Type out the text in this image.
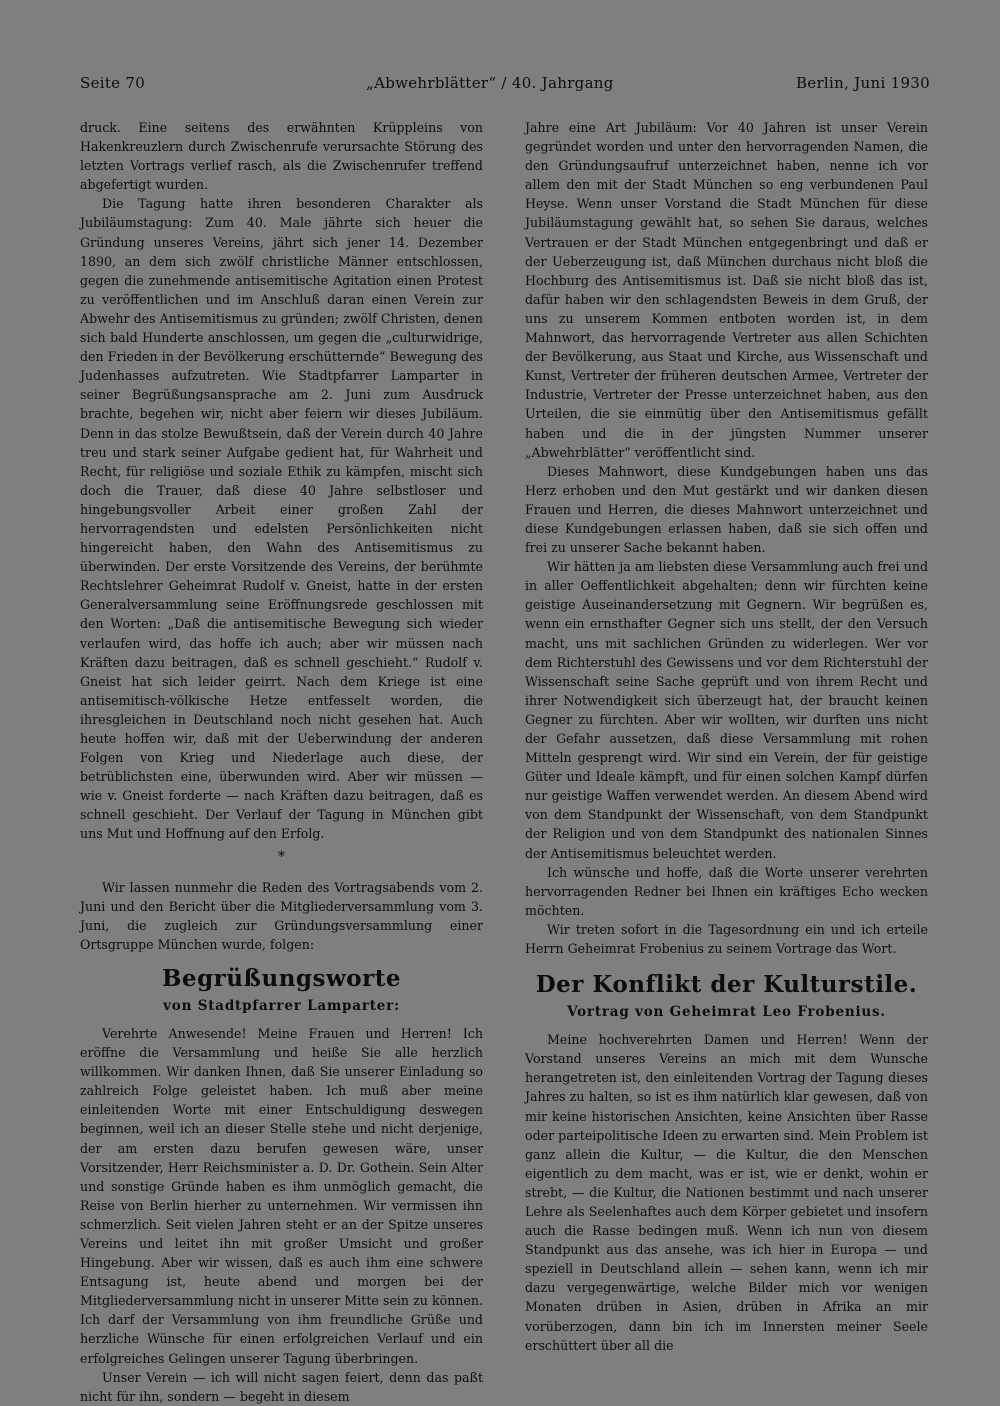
Seite 70	„Abwehrblätter“ / 40. Jahrgang	Berlin, Juni 1930

druck. Eine seitens des erwähnten Krüppleins von Hakenkreuzlern durch Zwischenrufe verursachte Störung des letzten Vortrags verlief rasch, als die Zwischenrufer treffend abgefertigt wurden.

Die Tagung hatte ihren besonderen Charakter als Jubiläumstagung: Zum 40. Male jährte sich heuer die Gründung unseres Vereins, jährt sich jener 14. Dezember 1890, an dem sich zwölf christliche Männer entschlossen, gegen die zunehmende antisemitische Agitation einen Protest zu veröffentlichen und im Anschluß daran einen Verein zur Abwehr des Antisemitismus zu gründen; zwölf Christen, denen sich bald Hunderte anschlossen, um gegen die „culturwidrige, den Frieden in der Bevölkerung erschütternde“ Bewegung des Judenhasses aufzutreten. Wie Stadtpfarrer Lamparter in seiner Begrüßungsansprache am 2. Juni zum Ausdruck brachte, begehen wir, nicht aber feiern wir dieses Jubiläum. Denn in das stolze Bewußtsein, daß der Verein durch 40 Jahre treu und stark seiner Aufgabe gedient hat, für Wahrheit und Recht, für religiöse und soziale Ethik zu kämpfen, mischt sich doch die Trauer, daß diese 40 Jahre selbstloser und hingebungsvoller Arbeit einer großen Zahl der hervorragendsten und edelsten Persönlichkeiten nicht hingereicht haben, den Wahn des Antisemitismus zu überwinden. Der erste Vorsitzende des Vereins, der berühmte Rechtslehrer Geheimrat Rudolf v. Gneist, hatte in der ersten Generalversammlung seine Eröffnungsrede geschlossen mit den Worten: „Daß die antisemitische Bewegung sich wieder verlaufen wird, das hoffe ich auch; aber wir müssen nach Kräften dazu beitragen, daß es schnell geschieht.“ Rudolf v. Gneist hat sich leider geirrt. Nach dem Kriege ist eine antisemitisch-völkische Hetze entfesselt worden, die ihresgleichen in Deutschland noch nicht gesehen hat. Auch heute hoffen wir, daß mit der Ueberwindung der anderen Folgen von Krieg und Niederlage auch diese, der betrüblichsten eine, überwunden wird. Aber wir müssen — wie v. Gneist forderte — nach Kräften dazu beitragen, daß es schnell geschieht. Der Verlauf der Tagung in München gibt uns Mut und Hoffnung auf den Erfolg.

*

Wir lassen nunmehr die Reden des Vortragsabends vom 2. Juni und den Bericht über die Mitgliederversammlung vom 3. Juni, die zugleich zur Gründungsversammlung einer Ortsgruppe München wurde, folgen:

Begrüßungsworte
von Stadtpfarrer Lamparter:

Verehrte Anwesende! Meine Frauen und Herren! Ich eröffne die Versammlung und heiße Sie alle herzlich willkommen. Wir danken Ihnen, daß Sie unserer Einladung so zahlreich Folge geleistet haben. Ich muß aber meine einleitenden Worte mit einer Entschuldigung deswegen beginnen, weil ich an dieser Stelle stehe und nicht derjenige, der am ersten dazu berufen gewesen wäre, unser Vorsitzender, Herr Reichsminister a. D. Dr. Gothein. Sein Alter und sonstige Gründe haben es ihm unmöglich gemacht, die Reise von Berlin hierher zu unternehmen. Wir vermissen ihn schmerzlich. Seit vielen Jahren steht er an der Spitze unseres Vereins und leitet ihn mit großer Umsicht und großer Hingebung. Aber wir wissen, daß es auch ihm eine schwere Entsagung ist, heute abend und morgen bei der Mitgliederversammlung nicht in unserer Mitte sein zu können. Ich darf der Versammlung von ihm freundliche Grüße und herzliche Wünsche für einen erfolgreichen Verlauf und ein erfolgreiches Gelingen unserer Tagung überbringen.

Unser Verein — ich will nicht sagen feiert, denn das paßt nicht für ihn, sondern — begeht in diesem

Jahre eine Art Jubiläum: Vor 40 Jahren ist unser Verein gegründet worden und unter den hervorragenden Namen, die den Gründungsaufruf unterzeichnet haben, nenne ich vor allem den mit der Stadt München so eng verbundenen Paul Heyse. Wenn unser Vorstand die Stadt München für diese Jubiläumstagung gewählt hat, so sehen Sie daraus, welches Vertrauen er der Stadt München entgegenbringt und daß er der Ueberzeugung ist, daß München durchaus nicht bloß die Hochburg des Antisemitismus ist. Daß sie nicht bloß das ist, dafür haben wir den schlagendsten Beweis in dem Gruß, der uns zu unserem Kommen entboten worden ist, in dem Mahnwort, das hervorragende Vertreter aus allen Schichten der Bevölkerung, aus Staat und Kirche, aus Wissenschaft und Kunst, Vertreter der früheren deutschen Armee, Vertreter der Industrie, Vertreter der Presse unterzeichnet haben, aus den Urteilen, die sie einmütig über den Antisemitismus gefällt haben und die in der jüngsten Nummer unserer „Abwehrblätter“ veröffentlicht sind.

Dieses Mahnwort, diese Kundgebungen haben uns das Herz erhoben und den Mut gestärkt und wir danken diesen Frauen und Herren, die dieses Mahnwort unterzeichnet und diese Kundgebungen erlassen haben, daß sie sich offen und frei zu unserer Sache bekannt haben.

Wir hätten ja am liebsten diese Versammlung auch frei und in aller Oeffentlichkeit abgehalten; denn wir fürchten keine geistige Auseinandersetzung mit Gegnern. Wir begrüßen es, wenn ein ernsthafter Gegner sich uns stellt, der den Versuch macht, uns mit sachlichen Gründen zu widerlegen. Wer vor dem Richterstuhl des Gewissens und vor dem Richterstuhl der Wissenschaft seine Sache geprüft und von ihrem Recht und ihrer Notwendigkeit sich überzeugt hat, der braucht keinen Gegner zu fürchten. Aber wir wollten, wir durften uns nicht der Gefahr aussetzen, daß diese Versammlung mit rohen Mitteln gesprengt wird. Wir sind ein Verein, der für geistige Güter und Ideale kämpft, und für einen solchen Kampf dürfen nur geistige Waffen verwendet werden. An diesem Abend wird von dem Standpunkt der Wissenschaft, von dem Standpunkt der Religion und von dem Standpunkt des nationalen Sinnes der Antisemitismus beleuchtet werden.

Ich wünsche und hoffe, daß die Worte unserer verehrten hervorragenden Redner bei Ihnen ein kräftiges Echo wecken möchten.

Wir treten sofort in die Tagesordnung ein und ich erteile Herrn Geheimrat Frobenius zu seinem Vortrage das Wort.

Der Konflikt der Kulturstile.
Vortrag von Geheimrat Leo Frobenius.

Meine hochverehrten Damen und Herren! Wenn der Vorstand unseres Vereins an mich mit dem Wunsche herangetreten ist, den einleitenden Vortrag der Tagung dieses Jahres zu halten, so ist es ihm natürlich klar gewesen, daß von mir keine historischen Ansichten, keine Ansichten über Rasse oder parteipolitische Ideen zu erwarten sind. Mein Problem ist ganz allein die Kultur, — die Kultur, die den Menschen eigentlich zu dem macht, was er ist, wie er denkt, wohin er strebt, — die Kultur, die Nationen bestimmt und nach unserer Lehre als Seelenhaftes auch dem Körper gebietet und insofern auch die Rasse bedingen muß. Wenn ich nun von diesem Standpunkt aus das ansehe, was ich hier in Europa — und speziell in Deutschland allein — sehen kann, wenn ich mir dazu vergegenwärtige, welche Bilder mich vor wenigen Monaten drüben in Asien, drüben in Afrika an mir vorüberzogen, dann bin ich im Innersten meiner Seele erschüttert über all die
